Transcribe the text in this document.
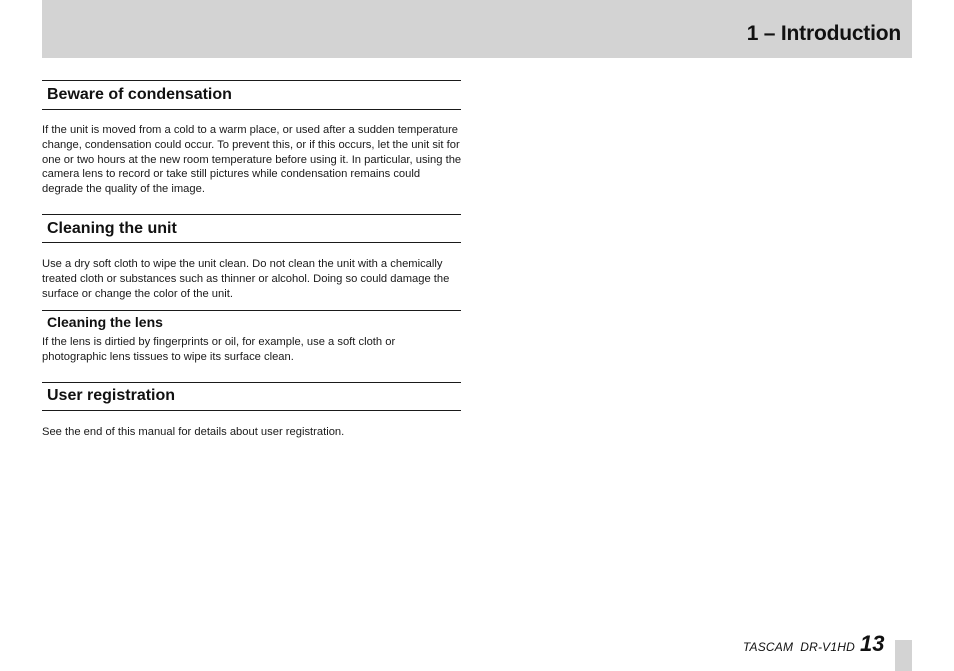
1 – Introduction
Beware of condensation
If the unit is moved from a cold to a warm place, or used after a sudden temperature change, condensation could occur. To prevent this, or if this occurs, let the unit sit for one or two hours at the new room temperature before using it. In particular, using the camera lens to record or take still pictures while condensation remains could degrade the quality of the image.
Cleaning the unit
Use a dry soft cloth to wipe the unit clean. Do not clean the unit with a chemically treated cloth or substances such as thinner or alcohol. Doing so could damage the surface or change the color of the unit.
Cleaning the lens
If the lens is dirtied by fingerprints or oil, for example, use a soft cloth or photographic lens tissues to wipe its surface clean.
User registration
See the end of this manual for details about user registration.
TASCAM  DR-V1HD 13
